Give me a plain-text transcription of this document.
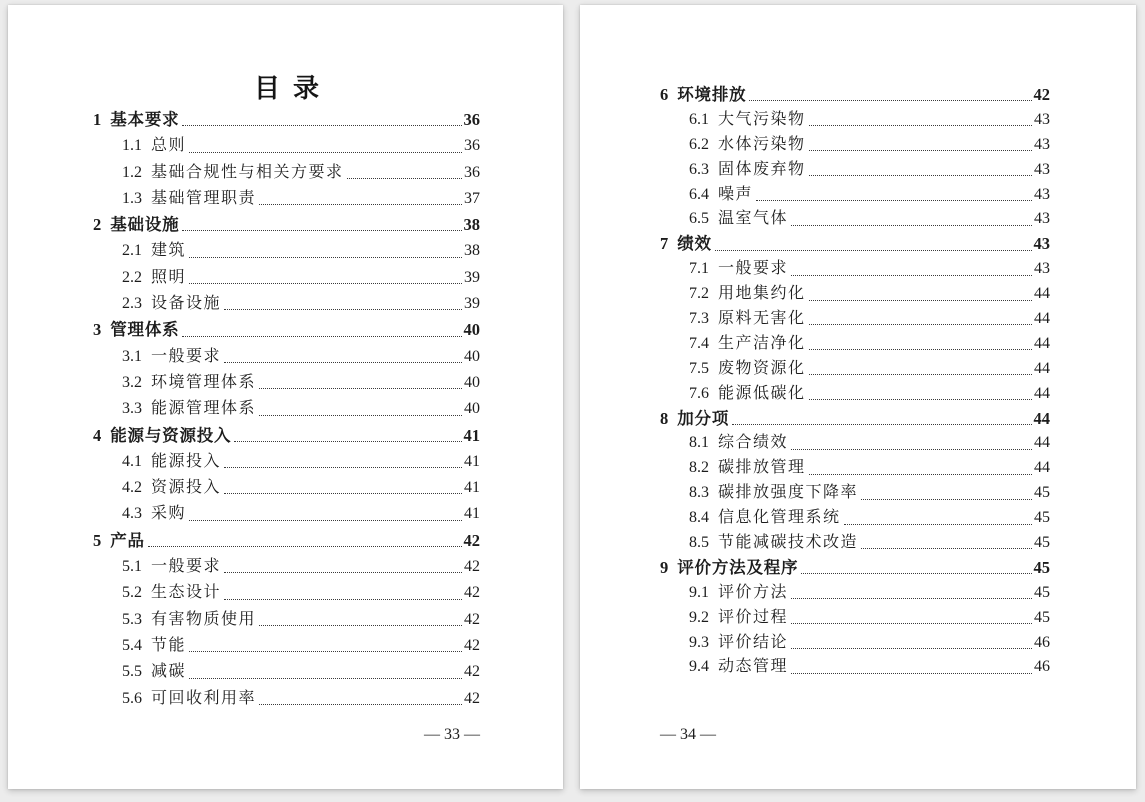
目  录
1 基本要求	36
1.1 总则	36
1.2 基础合规性与相关方要求	36
1.3 基础管理职责	37
2 基础设施	38
2.1 建筑	38
2.2 照明	39
2.3 设备设施	39
3 管理体系	40
3.1 一般要求	40
3.2 环境管理体系	40
3.3 能源管理体系	40
4 能源与资源投入	41
4.1 能源投入	41
4.2 资源投入	41
4.3 采购	41
5 产品	42
5.1 一般要求	42
5.2 生态设计	42
5.3 有害物质使用	42
5.4 节能	42
5.5 减碳	42
5.6 可回收利用率	42
— 33 —
6 环境排放	42
6.1 大气污染物	43
6.2 水体污染物	43
6.3 固体废弃物	43
6.4 噪声	43
6.5 温室气体	43
7 绩效	43
7.1 一般要求	43
7.2 用地集约化	44
7.3 原料无害化	44
7.4 生产洁净化	44
7.5 废物资源化	44
7.6 能源低碳化	44
8 加分项	44
8.1 综合绩效	44
8.2 碳排放管理	44
8.3 碳排放强度下降率	45
8.4 信息化管理系统	45
8.5 节能减碳技术改造	45
9 评价方法及程序	45
9.1 评价方法	45
9.2 评价过程	45
9.3 评价结论	46
9.4 动态管理	46
— 34 —
